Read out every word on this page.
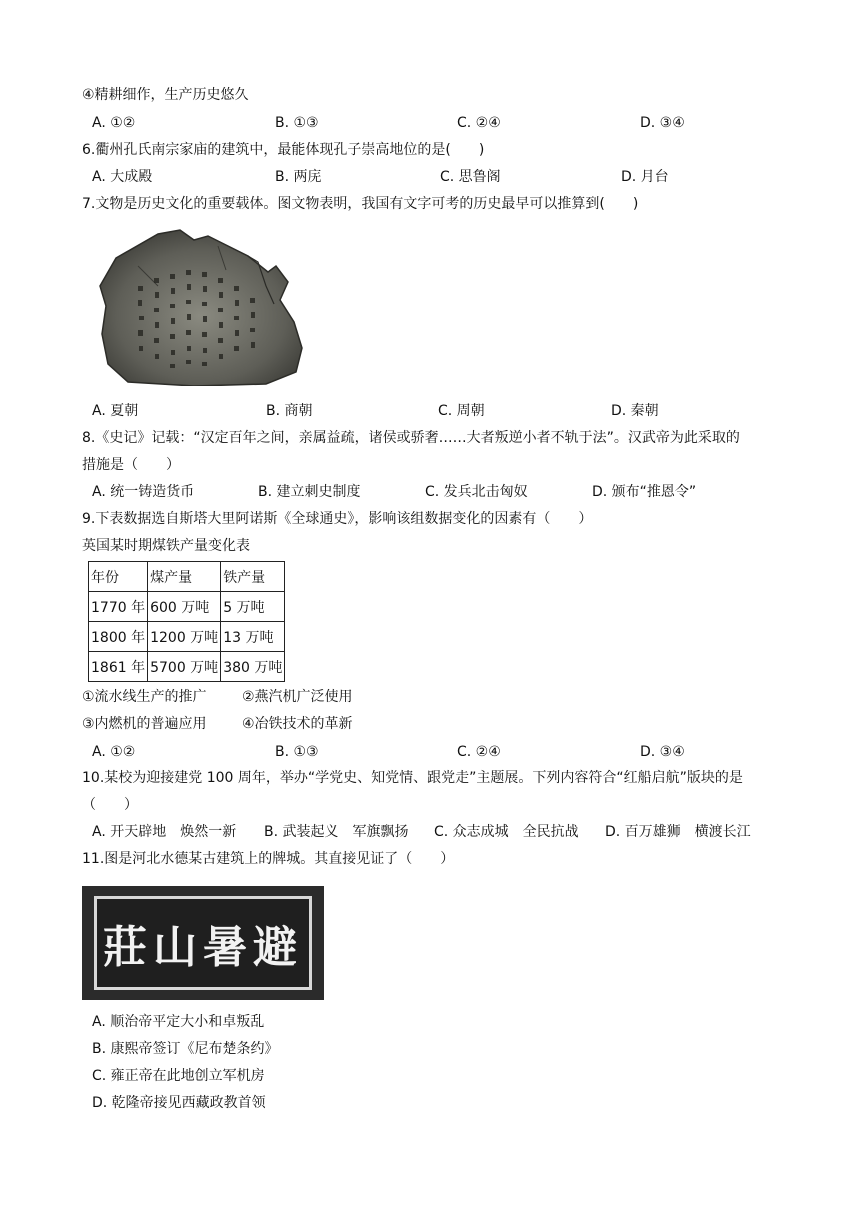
④精耕细作，生产历史悠久
A. ①②	B. ①③	C. ②④	D. ③④
6.衢州孔氏南宗家庙的建筑中，最能体现孔子崇高地位的是(　　)
A. 大成殿	B. 两庑	C. 思鲁阁	D. 月台
7.文物是历史文化的重要载体。图文物表明，我国有文字可考的历史最早可以推算到(　　)
A. 夏朝	B. 商朝	C. 周朝	D. 秦朝
8.《史记》记载：“汉定百年之间，亲属益疏，诸侯或骄奢……大者叛逆小者不轨于法”。汉武帝为此采取的
措施是（　　）
A. 统一铸造货币	B. 建立刺史制度	C. 发兵北击匈奴	D. 颁布“推恩令”
9.下表数据选自斯塔大里阿诺斯《全球通史》，影响该组数据变化的因素有（　　）
英国某时期煤铁产量变化表
年份	煤产量	铁产量
1770 年	600 万吨	5 万吨
1800 年	1200 万吨	13 万吨
1861 年	5700 万吨	380 万吨
①流水线生产的推广	②燕汽机广泛使用
③内燃机的普遍应用	④冶铁技术的革新
A. ①②	B. ①③	C. ②④	D. ③④
10.某校为迎接建党 100 周年，举办“学党史、知党情、跟党走”主题展。下列内容符合“红船启航”版块的是
（　　）
A. 开天辟地　焕然一新 B. 武装起义　军旗飘扬 C. 众志成城　全民抗战 D. 百万雄狮　横渡长江
11.图是河北水德某古建筑上的牌城。其直接见证了（　　）
避暑山莊
A. 顺治帝平定大小和卓叛乱
B. 康熙帝签订《尼布楚条约》
C. 雍正帝在此地创立军机房
D. 乾隆帝接见西藏政教首领
